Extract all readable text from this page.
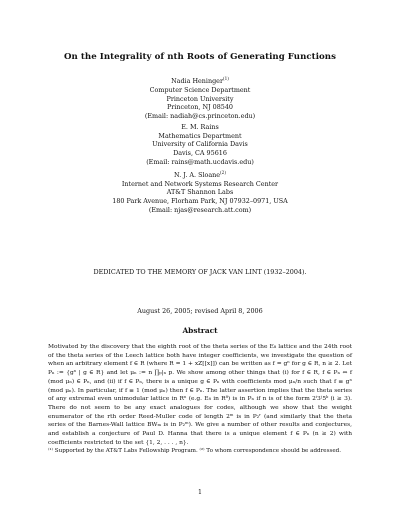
On the Integrality of nth Roots of Generating Functions
Nadia Heninger$^{(1)}$
Computer Science Department
Princeton University
Princeton, NJ 08540
(Email: nadiah@cs.princeton.edu)
E. M. Rains
Mathematics Department
University of California Davis
Davis, CA 95616
(Email: rains@math.ucdavis.edu)
N. J. A. Sloane$^{(2)}$
Internet and Network Systems Research Center
AT&T Shannon Labs
180 Park Avenue, Florham Park, NJ 07932–0971, USA
(Email: njas@research.att.com)
DEDICATED TO THE MEMORY OF JACK VAN LINT (1932–2004).
August 26, 2005; revised April 8, 2006
Abstract
Motivated by the discovery that the eighth root of the theta series of the E₈ lattice and the 24th root of the theta series of the Leech lattice both have integer coefficients, we investigate the question of when an arbitrary element f ∈ R (where R = 1 + xZ[[x]]) can be written as f = gⁿ for g ∈ R, n ≥ 2. Let Pₙ := {gⁿ | g ∈ R} and let μₙ := n ∏ₚ|ₙ p. We show among other things that (i) for f ∈ R, f ∈ Pₙ ⇔ f (mod μₙ) ∈ Pₙ, and (ii) if f ∈ Pₙ, there is a unique g ∈ Pₙ with coefficients mod μₙ/n such that f ≡ gⁿ (mod μₙ). In particular, if f ≡ 1 (mod μₙ) then f ∈ Pₙ. The latter assertion implies that the theta series of any extremal even unimodular lattice in Rⁿ (e.g. E₈ in R⁸) is in Pₙ if n is of the form 2ⁱ3ʲ5ᵏ (i ≥ 3). There do not seem to be any exact analogues for codes, although we show that the weight enumerator of the rth order Reed-Muller code of length 2ᵐ is in P₂ʳ (and similarly that the theta series of the Barnes-Wall lattice BWₘ is in P₂ᵐ). We give a number of other results and conjectures, and establish a conjecture of Paul D. Hanna that there is a unique element f ∈ Pₙ (n ≥ 2) with coefficients restricted to the set {1, 2, . . . , n}.
⁽¹⁾ Supported by the AT&T Labs Fellowship Program. ⁽²⁾ To whom correspondence should be addressed.
1
